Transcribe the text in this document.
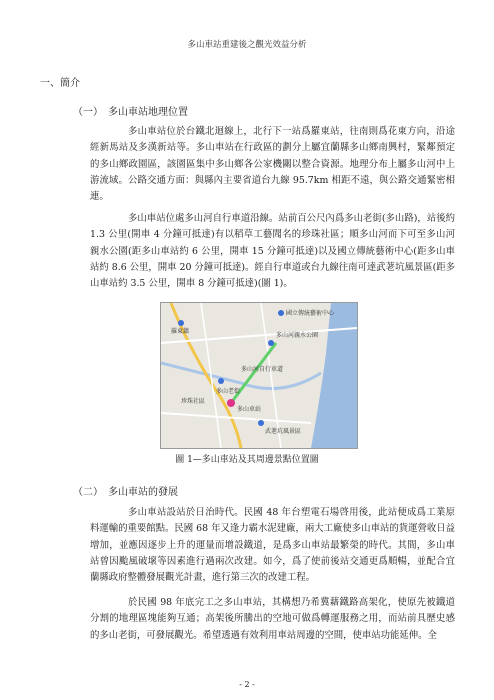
多山車站重建後之觀光效益分析
一、簡介
（一）　多山車站地理位置

多山車站位於台鐵北迴線上，北行下一站爲羅東站，往南則爲花東方向，沿途經新馬站及多漢新站等。多山車站在行政區的劃分上屬宜蘭縣多山鄉南興村，緊鄰預定的多山鄉政園區，該園區集中多山鄉各公家機關以整合資源。地理分布上屬多山河中上游流域。公路交通方面：與縣內主要省道台九線 95.7km 相距不遠，與公路交通緊密相連。

多山車站位處多山河自行車道沿線。站前百公尺內爲多山老街(多山路)，站後約 1.3 公里(開車 4 分鐘可抵達)有以稻草工藝聞名的珍珠社區；順多山河而下可至多山河親水公園(距多山車站約 6 公里，開車 15 分鐘可抵達)以及國立傳統藝術中心(距多山車站約 8.6 公里，開車 20 分鐘可抵達)。經自行車道或台九線往南可達武荖坑風景區(距多山車站約 3.5 公里，開車 8 分鐘可抵達)(圖 1)。

國立傳統藝術中心
羅東鎮
多山河親水公園
多山河自行車道
多山老街
珍珠社區
多山車站
武荖坑風景區
圖 1—多山車站及其周邊景點位置圖
（二）　多山車站的發展

多山車站設站於日治時代。民國 48 年台塑電石場啓用後，此站便成爲工業原料運輸的重要館點。民國 68 年又逢力霸水泥建廠，兩大工廠使多山車站的貨運營收日益增加，並應因逐步上升的運量而增設鐵道，是爲多山車站最繁榮的時代。其間，多山車站曾因颱風破壞等因素進行過兩次改建。如今，爲了使前後站交通更爲順暢，並配合宜蘭縣政府整體發展觀光計畫，進行第三次的改建工程。

於民國 98 年底完工之多山車站，其構想乃希冀藉鐵路高架化，使原先被鐵道分割的地理區塊能夠互通；高架後所騰出的空地可做爲轉運服務之用，而站前具歷史感的多山老街，可發展觀光。希望透過有效利用車站周邊的空間，使車站功能延伸。全

- 2 -
